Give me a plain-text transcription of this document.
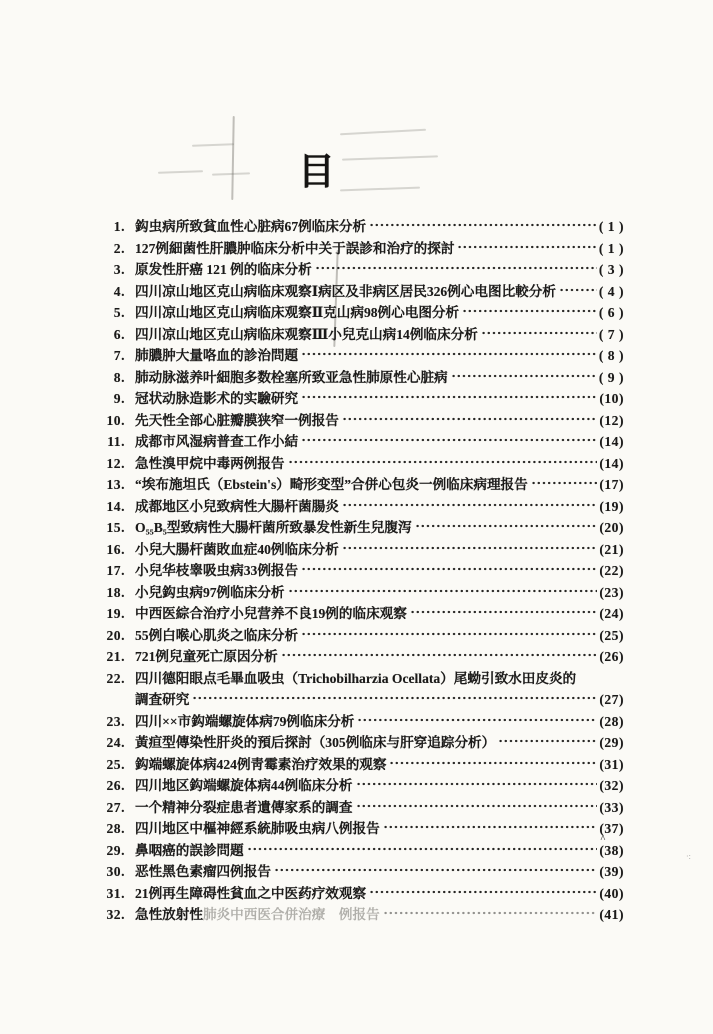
目
1. 鈎虫病所致貧血性心脏病67例临床分析	( 1 )
2. 127例細菌性肝膿肿临床分析中关于誤診和治疗的探討	( 1 )
3. 原发性肝癌 121 例的临床分析	( 3 )
4. 四川凉山地区克山病临床观察Ⅰ病区及非病区居民326例心电图比較分析	( 4 )
5. 四川凉山地区克山病临床观察Ⅱ克山病98例心电图分析	( 6 )
6. 四川凉山地区克山病临床观察Ⅲ小兒克山病14例临床分析	( 7 )
7. 肺膿肿大量咯血的診治問題	( 8 )
8. 肺动脉滋养叶細胞多数栓塞所致亚急性肺原性心脏病	( 9 )
9. 冠状动脉造影术的实驗研究	(10)
10. 先天性全部心脏瓣膜狭窄一例报告	(12)
11. 成都市风湿病普查工作小結	(14)
12. 急性溴甲烷中毒两例报告	(14)
13. “埃布施坦氏（Ebstein's）畸形变型”合併心包炎一例临床病理报告	(17)
14. 成都地区小兒致病性大腸杆菌腸炎	(19)
15. O₅₅B₅型致病性大腸杆菌所致暴发性新生兒腹泻	(20)
16. 小兒大腸杆菌敗血症40例临床分析	(21)
17. 小兒华枝睾吸虫病33例报告	(22)
18. 小兒鈎虫病97例临床分析	(23)
19. 中西医綜合治疗小兒营养不良19例的临床观察	(24)
20. 55例白喉心肌炎之临床分析	(25)
21. 721例兒童死亡原因分析	(26)
22. 四川德阳眼点毛畢血吸虫（Trichobilharzia Ocellata）尾蚴引致水田皮炎的
調査研究	(27)
23. 四川××市鈎端螺旋体病79例临床分析	(28)
24. 黃疸型傳染性肝炎的預后探討（305例临床与肝穿追踪分析）	(29)
25. 鈎端螺旋体病424例靑霉素治疗效果的观察	(31)
26. 四川地区鈎端螺旋体病44例临床分析	(32)
27. 一个精神分裂症患者遺傳家系的調查	(33)
28. 四川地区中樞神經系統肺吸虫病八例报告	(37)
29. 鼻咽癌的誤診問題	(38)
30. 恶性黑色素瘤四例报告	(39)
31. 21例再生障碍性貧血之中医药疗效观察	(40)
32. 急性放射性 肺炎中西医合併治療　例报告	(41)
^
·:
